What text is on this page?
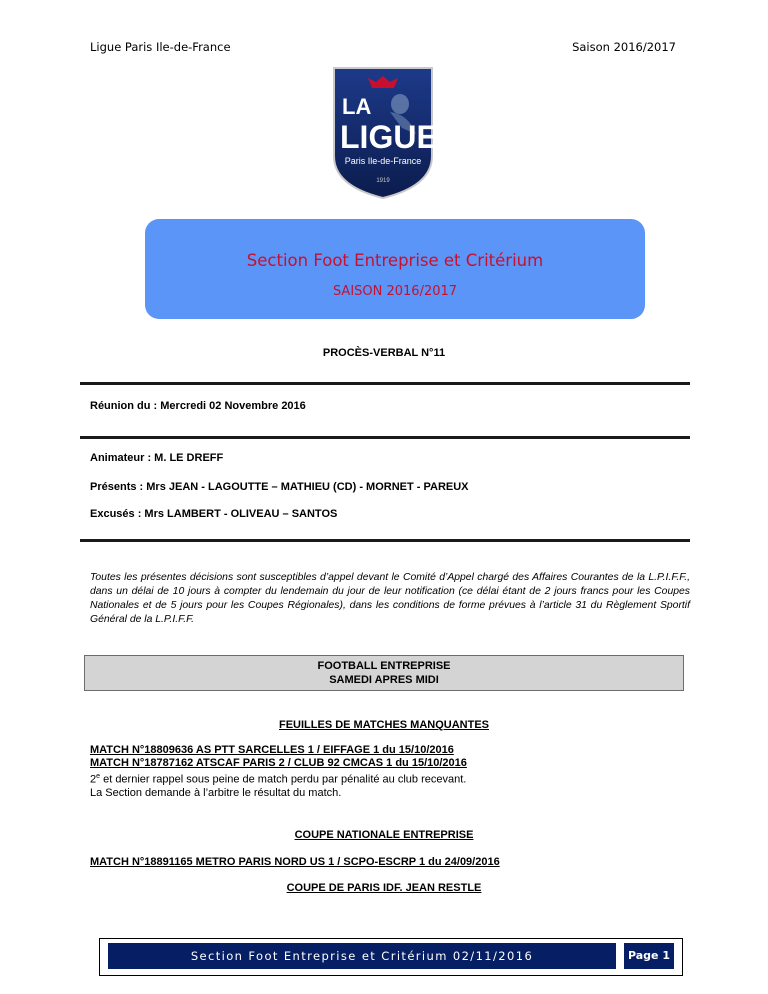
Ligue Paris Ile-de-France	Saison 2016/2017
LA
LIGUE
Paris Ile-de-France
1919
Section Foot Entreprise et Critérium
SAISON 2016/2017
PROCÈS-VERBAL N°11
Réunion du : Mercredi 02 Novembre 2016
Animateur : M. LE DREFF
Présents : Mrs JEAN - LAGOUTTE – MATHIEU (CD) - MORNET - PAREUX
Excusés : Mrs LAMBERT - OLIVEAU – SANTOS
Toutes les présentes décisions sont susceptibles d’appel devant le Comité d’Appel chargé des Affaires Courantes de la L.P.I.F.F., dans un délai de 10 jours à compter du lendemain du jour de leur notification (ce délai étant de 2 jours francs pour les Coupes Nationales et de 5 jours pour les Coupes Régionales), dans les conditions de forme prévues à l’article 31 du Règlement Sportif Général de la L.P.I.F.F.
FOOTBALL ENTREPRISE
SAMEDI APRES MIDI
FEUILLES DE MATCHES MANQUANTES
MATCH N°18809636 AS PTT SARCELLES 1 / EIFFAGE 1 du 15/10/2016
MATCH N°18787162 ATSCAF PARIS 2 / CLUB 92 CMCAS 1 du 15/10/2016
2e et dernier rappel sous peine de match perdu par pénalité au club recevant.
La Section demande à l’arbitre le résultat du match.
COUPE NATIONALE ENTREPRISE
MATCH N°18891165 METRO PARIS NORD US 1 / SCPO-ESCRP 1 du 24/09/2016
COUPE DE PARIS IDF. JEAN RESTLE
Section Foot Entreprise et Critérium 02/11/2016	Page 1
